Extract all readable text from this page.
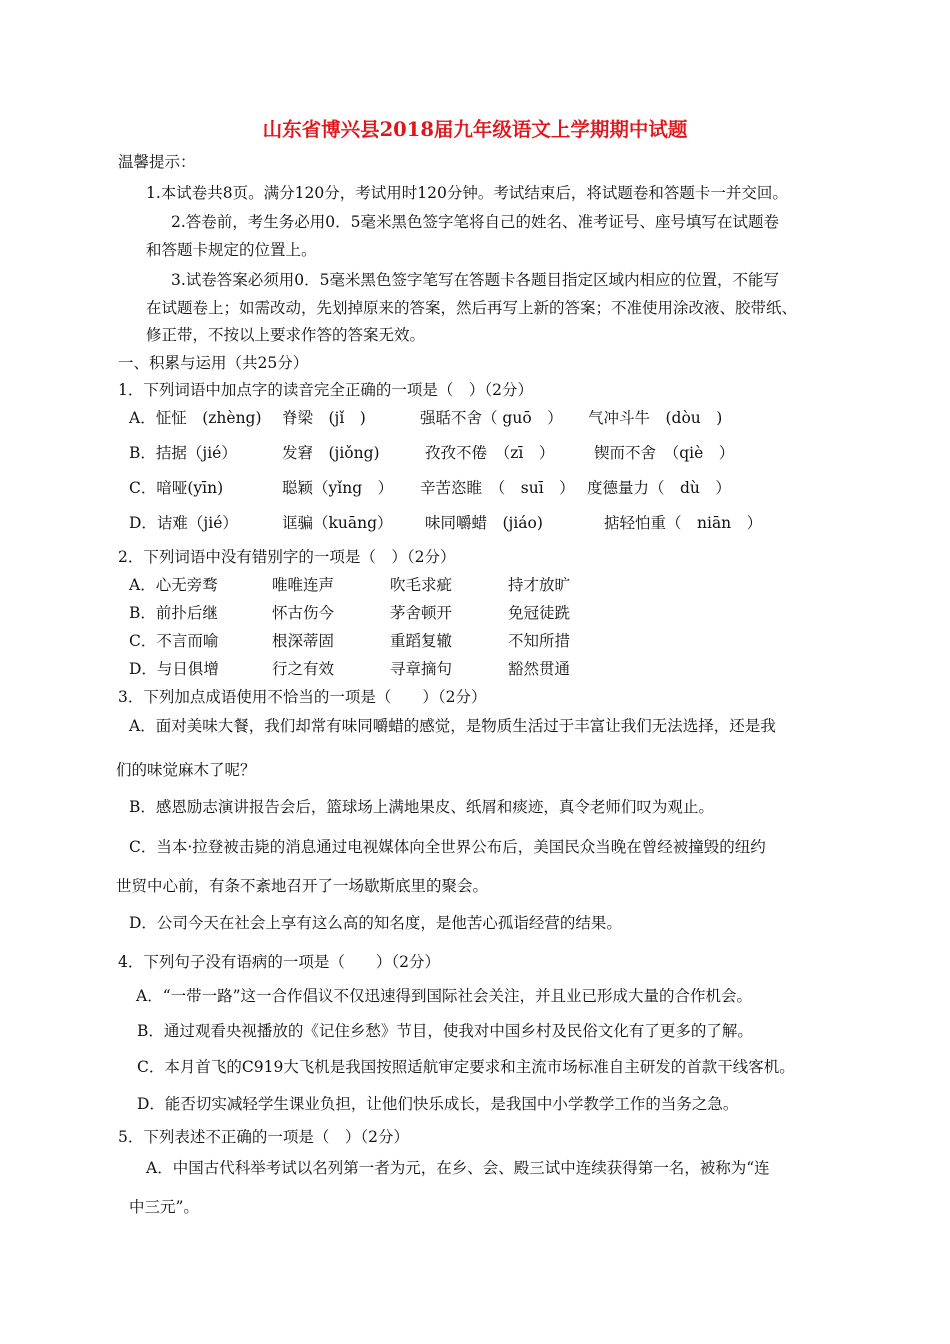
山东省博兴县2018届九年级语文上学期期中试题
温馨提示：
1.本试卷共8页。满分120分，考试用时120分钟。考试结束后，将试题卷和答题卡一并交回。
2.答卷前，考生务必用0．5毫米黑色签字笔将自己的姓名、准考证号、座号填写在试题卷
和答题卡规定的位置上。
3.试卷答案必须用0．5毫米黑色签字笔写在答题卡各题目指定区域内相应的位置，不能写
在试题卷上；如需改动，先划掉原来的答案，然后再写上新的答案；不准使用涂改液、胶带纸、
修正带，不按以上要求作答的答案无效。
一、积累与运用（共25分）
1．下列词语中加点字的读音完全正确的一项是（　）（2分）
A．怔怔　(zhèng) 脊梁　(jǐ　)	强聒不舍（ guō　） 气冲斗牛　(dòu　)
B．拮据（jié）	发窘　(jiǒng)	孜孜不倦　（zī　）	锲而不舍　（qiè　）
C．喑哑(yīn)	聪颖（yǐng　） 辛苦恣睢　（　suī　） 度德量力（　dù　）
D．诘难（jié）	诓骗（kuāng） 味同嚼蜡　(jiáo)	掂轻怕重（　niān　）
2．下列词语中没有错别字的一项是（　）（2分）
A．心无旁骛	唯唯连声	吹毛求疵	持才放旷
B．前扑后继	怀古伤今	茅舍顿开	免冠徒跣
C．不言而喻	根深蒂固	重蹈复辙	不知所措
D．与日俱增	行之有效	寻章摘句	豁然贯通
3．下列加点成语使用不恰当的一项是（　　）（2分）
A．面对美味大餐，我们却常有味同嚼蜡的感觉，是物质生活过于丰富让我们无法选择，还是我
们的味觉麻木了呢？
B．感恩励志演讲报告会后，篮球场上满地果皮、纸屑和痰迹，真令老师们叹为观止。
C．当本·拉登被击毙的消息通过电视媒体向全世界公布后，美国民众当晚在曾经被撞毁的纽约
世贸中心前，有条不紊地召开了一场歇斯底里的聚会。
D．公司今天在社会上享有这么高的知名度，是他苦心孤诣经营的结果。
4．下列句子没有语病的一项是（　　）（2分）
A．“一带一路”这一合作倡议不仅迅速得到国际社会关注，并且业已形成大量的合作机会。
B．通过观看央视播放的《记住乡愁》节目，使我对中国乡村及民俗文化有了更多的了解。
C．本月首飞的C919大飞机是我国按照适航审定要求和主流市场标准自主研发的首款干线客机。
D．能否切实减轻学生课业负担，让他们快乐成长，是我国中小学教学工作的当务之急。
5．下列表述不正确的一项是（　）（2分）
A．中国古代科举考试以名列第一者为元，在乡、会、殿三试中连续获得第一名，被称为“连
中三元”。
